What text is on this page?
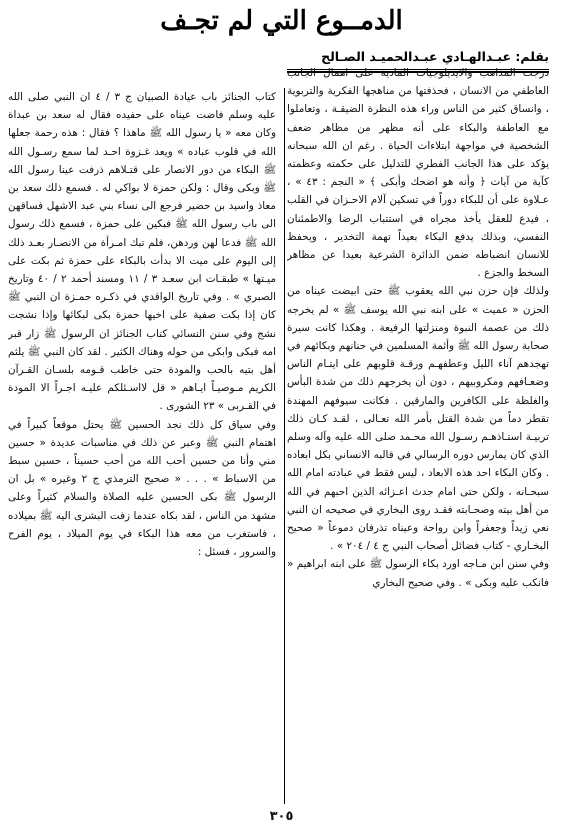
الدمــوع التي لم تجـف
بقلم: عبـدالهـادي عبـدالحميـد الصـالح

درجت المذاهب والايديلوجيات المادية على اهمال الجانب العاطفي من الانسان ، فحذفتها من مناهجها الفكرية والتربوية ، وانساق كثير من الناس وراء هذه النظرة الضيقـة ، وتعاملوا مع العاطفة والبكاء على أنه مظهر من مظاهر ضعف الشخصية في مواجهة ابتلاءات الحياة . رغم ان الله سبحانه يؤكد على هذا الجانب الفطري للتدليل على حكمته وعظمته كآية من آيات ﴿ وأنه هو اضحك وأبكى ﴾ « النجم : ٤٣ » ، عـلاوة على أن للبكاء دوراً في تسكين آلام الاحـزان في القلب ، فيدع للعقل يأخذ مجراه في استتباب الرضا والاطمئنان النفسي، وبذلك يدفع البكاء بعيداً تهمة التخدير ، ويحفظ للانسان انضباطه ضمن الدائرة الشرعية بعيدا عن مظاهر السخط والجزع .

ولذلك فإن حزن نبي الله يعقوب ﷺ حتى ابيضت عيناه من الحزن « عميت » على ابنه نبي الله يوسف ﷺ » لم يخرجه ذلك من عصمة النبوة ومنزلتها الرفيعة . وهكذا كانت سيرة صحابة رسول الله ﷺ وأئمة المسلمين في حنانهم وبكائهم في تهجدهم آناء الليل وعطفهـم ورقـة قلوبهم على ايتـام الناس وضعـافهم ومكروبيهم ، دون أن يخرجهم ذلك من شدة البأس والغلظة على الكافرين والمارقين . فكانت سيوفهم المهندة تقطر دماً من شدة القتل بأمر الله تعـالى ، لقـد كـان ذلك تربيـة استـاذهـم رسـول الله محـمد صلى الله عليه وآله وسلم الذي كان يمارس دوره الرسالي في قالبه الانساني بكل ابعاده . وكان البكاء احد هذه الابعاد ، ليس فقط في عبادته امام الله سبحـانه ، ولكن حتى امام جدث اعـزائه الذين احبهم في الله من أهل بيته وصحـابته فقـد روى البخاري في صحيحه ان النبي نعي زيداً وجعفراً وابن رواحة وعيناه تذرفان دموعاً « صحيح البخـاري - كتاب فضائل أصحاب النبي ج ٤ / ٢٠٤ » .

وفي سنن ابن مـاجه اورد بكاء الرسول ﷺ على ابنه ابراهيم « فانكب عليه وبكى » . وفي صحيح البخاري

كتاب الجنائز باب عيادة الصبيان ج ٣ / ٤ ان النبي صلى الله عليه وسلم فاضت عيناه على حفيده فقال له سعد بن عبداة وكان معه « يا رسول الله ﷺ ماهذا ؟ فقال : هذه رحمة جعلها الله في قلوب عباده » ويعد غـزوة احـد لما سمع رسـول الله ﷺ البكاء من دور الانصار على قتـلاهم ذرفت عينا رسول الله ﷺ وبكى وقال : ولكن حمزة لا بواكي له . فسمع ذلك سعد بن معاذ واسيد بن حضير فرجع الى نساء بني عبد الاشهل فساقهن الى باب رسول الله ﷺ فبكين على حمزة ، فسمع ذلك رسول الله ﷺ فدعا لهن وردهن، فلم تبك امـرأة من الانصـار بعـد ذلك إلى اليوم على ميت الا بدأت بالبكاء على حمزة ثم بكت على ميـتها » طبقـات ابن سعـد ٣ / ١١ ومسند أحمد ٢ / ٤٠ وتاريخ الصبري » . وفي تاريخ الواقدي في ذكـره حمـزة ان النبي ﷺ كان إذا بكت صفية على اخيها حمزة بكى لبكائها وإذا نشجت نشج وفي سنن النسائي كتاب الجنائز ان الرسول ﷺ زار قبر امه فبكى وابكى من حوله وهناك الكثير . لقد كان النبي ﷺ يلثم أهل بتيه بالحب والمودة حتى خاطب قـومه بلسـان القـرآن الكريم مـوصيـاً ايـاهم « قل لااسـئلكم عليـه اجـراً الا المودة في القـربى » ٢٣ الشورى .

وفي سياق كل ذلك نجد الحسين ﷺ يحتل موقعاً كبيراً في اهتمام النبي ﷺ وعبر عن ذلك في مناسبات عديدة « حسين مني وأنا من حسين أحب الله من أحب حسيناً ، حسين سبط من الاسباط » . . . « صحيح الترمذي ج ٢ وغيره » بل ان الرسول ﷺ بكى الحسين عليه الصلاة والسلام كثيراً وعلى مشهد من الناس ، لقد بكاه عندما زفت البشرى اليه ﷺ بميلاده ، فاستغرب من معه هذا البكاء في يوم الميلاد ، يوم الفرح والسرور ، فسئل :

٣٠٥
